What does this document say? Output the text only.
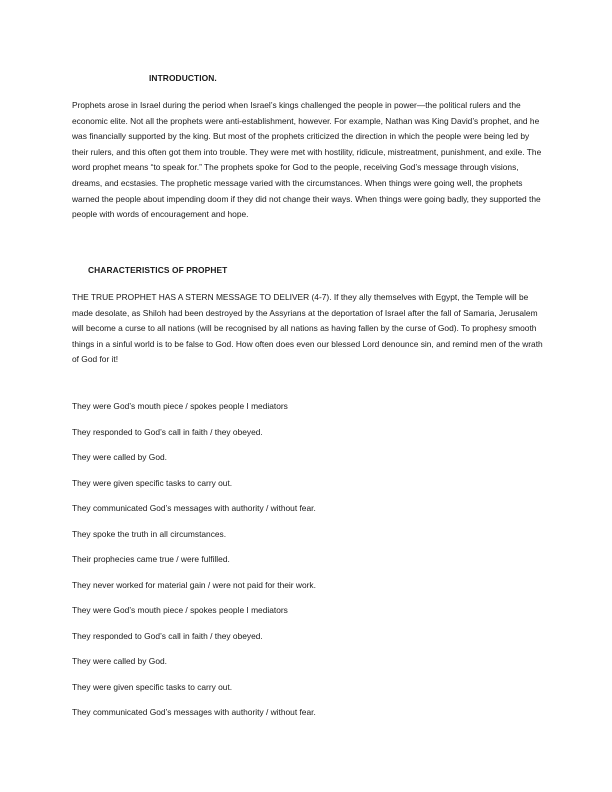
INTRODUCTION.

Prophets arose in Israel during the period when Israel’s kings challenged the people in power—the political rulers and the economic elite. Not all the prophets were anti-establishment, however. For example, Nathan was King David’s prophet, and he was financially supported by the king. But most of the prophets criticized the direction in which the people were being led by their rulers, and this often got them into trouble. They were met with hostility, ridicule, mistreatment, punishment, and exile. The word prophet means “to speak for.” The prophets spoke for God to the people, receiving God’s message through visions, dreams, and ecstasies. The prophetic message varied with the circumstances. When things were going well, the prophets warned the people about impending doom if they did not change their ways. When things were going badly, they supported the people with words of encouragement and hope.

CHARACTERISTICS OF PROPHET

THE TRUE PROPHET HAS A STERN MESSAGE TO DELIVER (4-7). If they ally themselves with Egypt, the Temple will be made desolate, as Shiloh had been destroyed by the Assyrians at the deportation of Israel after the fall of Samaria, Jerusalem will become a curse to all nations (will be recognised by all nations as having fallen by the curse of God). To prophesy smooth things in a sinful world is to be false to God. How often does even our blessed Lord denounce sin, and remind men of the wrath of God for it!

They were God’s mouth piece / spokes people I mediators
They responded to God’s call in faith / they obeyed.
They were called by God.
They were given specific tasks to carry out.
They communicated God’s messages with authority / without fear.
They spoke the truth in all circumstances.
Their prophecies came true / were fulfilled.
They never worked for material gain / were not paid for their work.
They were God’s mouth piece / spokes people I mediators
They responded to God’s call in faith / they obeyed.
They were called by God.
They were given specific tasks to carry out.
They communicated God’s messages with authority / without fear.
